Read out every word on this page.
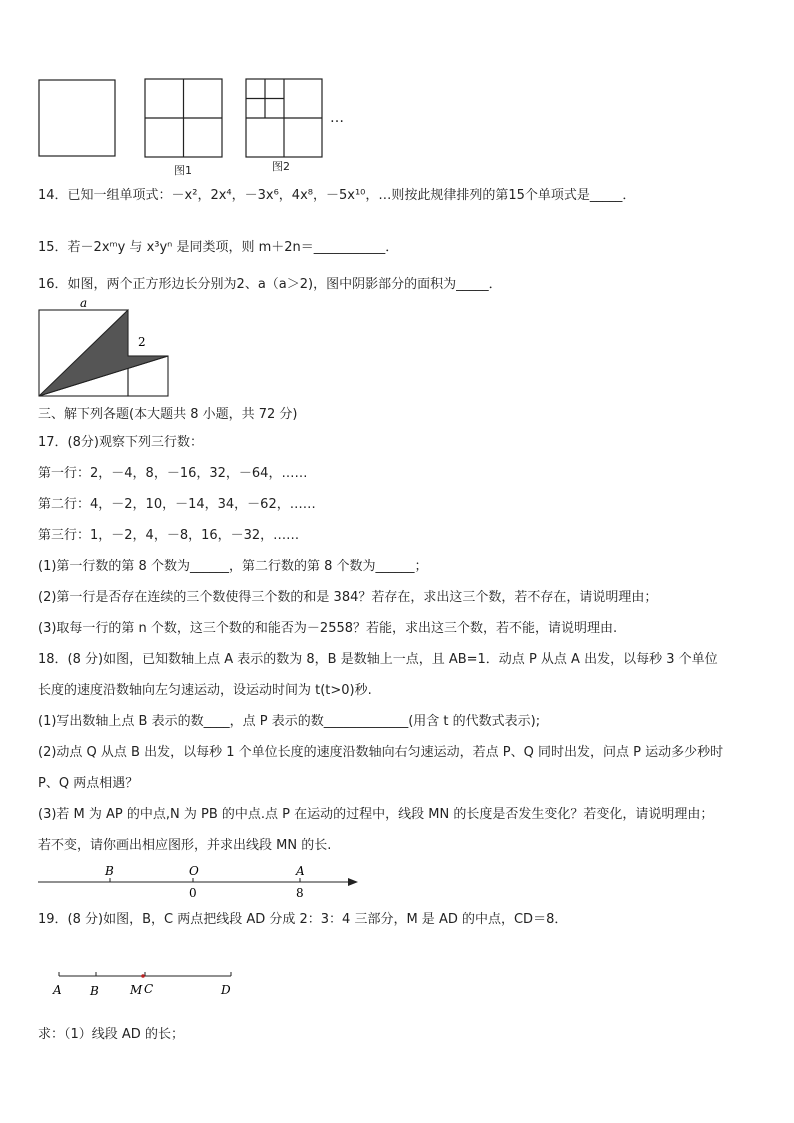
图1	图2
…
14．已知一组单项式：－x²，2x⁴，－3x⁶，4x⁸，－5x¹⁰，…则按此规律排列的第15个单项式是_____．
15．若－2xᵐy 与 x³yⁿ 是同类项，则 m＋2n＝___________．
16．如图，两个正方形边长分别为2、a（a＞2)，图中阴影部分的面积为_____．
a
2
三、解下列各题(本大题共 8 小题，共 72 分)
17．(8分)观察下列三行数：
第一行：2，－4，8，－16，32，－64，……
第二行：4，－2，10，－14，34，－62，……
第三行：1，－2，4，－8，16，－32，……
(1)第一行数的第 8 个数为______，第二行数的第 8 个数为______；
(2)第一行是否存在连续的三个数使得三个数的和是 384？若存在，求出这三个数，若不存在，请说明理由；
(3)取每一行的第 n 个数，这三个数的和能否为－2558？若能，求出这三个数，若不能，请说明理由.
18．(8 分)如图，已知数轴上点 A 表示的数为 8，B 是数轴上一点，且 AB=1．动点 P 从点 A 出发，以每秒 3 个单位
长度的速度沿数轴向左匀速运动，设运动时间为 t(t>0)秒.
(1)写出数轴上点 B 表示的数____，点 P 表示的数_____________(用含 t 的代数式表示);
(2)动点 Q 从点 B 出发，以每秒 1 个单位长度的速度沿数轴向右匀速运动，若点 P、Q 同时出发，问点 P 运动多少秒时
P、Q 两点相遇？
(3)若 M 为 AP 的中点,N 为 PB 的中点.点 P 在运动的过程中，线段 MN 的长度是否发生变化？若变化，请说明理由；
若不变，请你画出相应图形，并求出线段 MN 的长.
B	O	A
0	8
19．(8 分)如图，B，C 两点把线段 AD 分成 2：3：4 三部分，M 是 AD 的中点，CD＝8．
A B	M C	D
求：（1）线段 AD 的长；
